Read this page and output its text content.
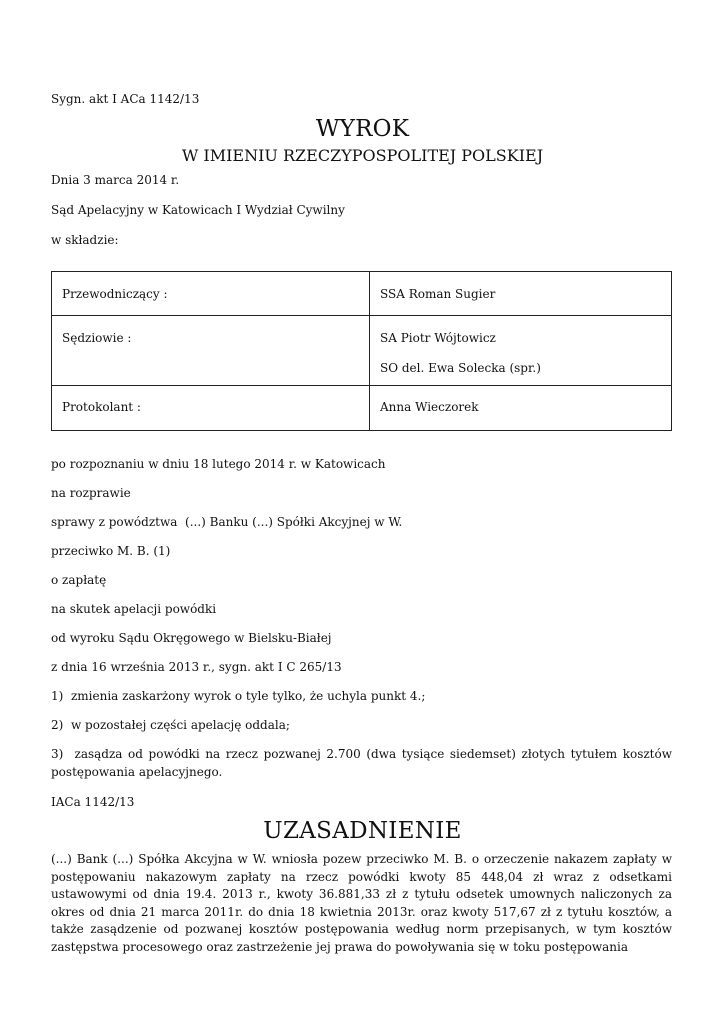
Sygn. akt I ACa 1142/13
WYROK
W IMIENIU RZECZYPOSPOLITEJ POLSKIEJ
Dnia 3 marca 2014 r.
Sąd Apelacyjny w Katowicach I Wydział Cywilny
w składzie:
Przewodniczący :	SSA Roman Sugier
Sędziowie :	SA Piotr Wójtowicz
SO del. Ewa Solecka (spr.)

Protokolant :	Anna Wieczorek
po rozpoznaniu w dniu 18 lutego 2014 r. w Katowicach
na rozprawie
sprawy z powództwa  (...) Banku (...) Spółki Akcyjnej w W.
przeciwko M. B. (1)
o zapłatę
na skutek apelacji powódki
od wyroku Sądu Okręgowego w Bielsku-Białej
z dnia 16 września 2013 r., sygn. akt I C 265/13
1)  zmienia zaskarżony wyrok o tyle tylko, że uchyla punkt 4.;
2)  w pozostałej części apelację oddala;
3)  zasądza od powódki na rzecz pozwanej 2.700 (dwa tysiące siedemset) złotych tytułem kosztów postępowania apelacyjnego.
IACa 1142/13
UZASADNIENIE
(...) Bank (...) Spółka Akcyjna w W. wniosła pozew przeciwko M. B. o orzeczenie nakazem zapłaty w postępowaniu nakazowym zapłaty na rzecz powódki kwoty 85 448,04 zł wraz z odsetkami ustawowymi od dnia 19.4. 2013 r., kwoty 36.881,33 zł z tytułu odsetek umownych naliczonych za okres od dnia 21 marca 2011r. do dnia 18 kwietnia 2013r. oraz kwoty 517,67 zł z tytułu kosztów, a także zasądzenie od pozwanej kosztów postępowania według norm przepisanych, w tym kosztów zastępstwa procesowego oraz zastrzeżenie jej prawa do powoływania się w toku postępowania
